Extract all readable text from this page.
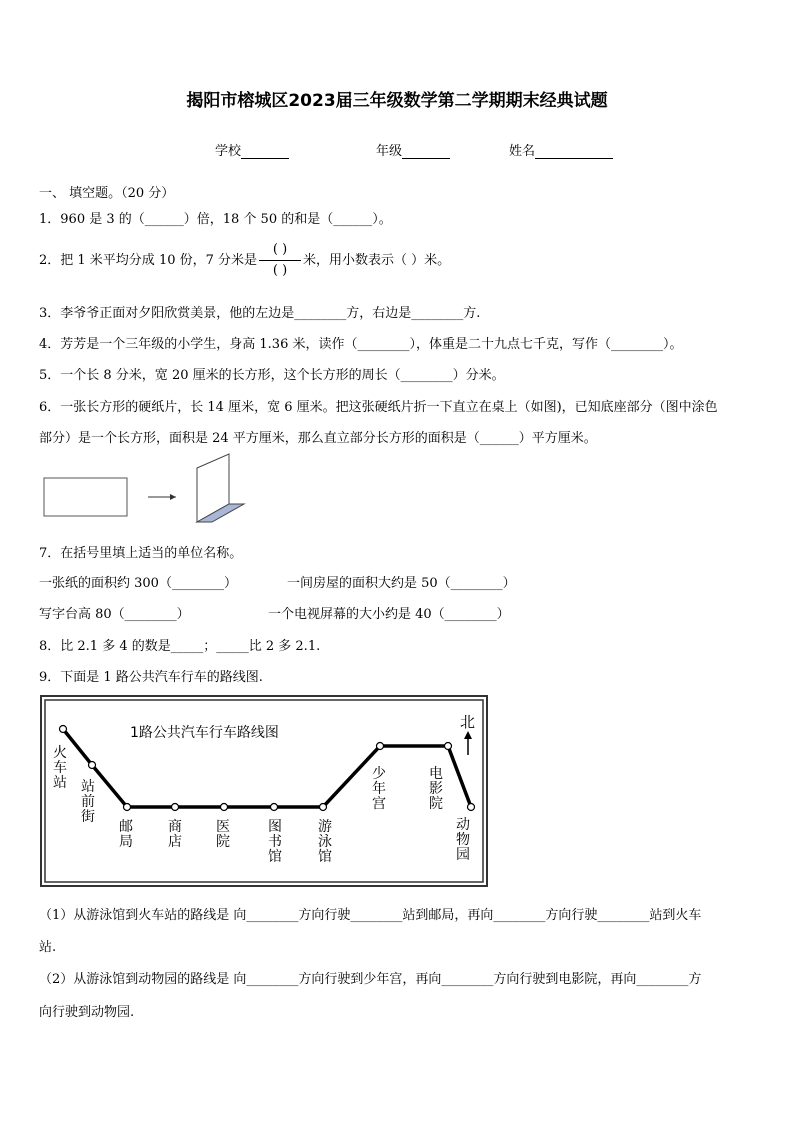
揭阳市榕城区2023届三年级数学第二学期期末经典试题
学校	年级	姓名
一、 填空题。（20 分）
1．960 是 3 的（______）倍，18 个 50 的和是（______）。
2．把 1 米平均分成 10 份，7 分米是 $\frac{( )}{( )}$ 米，用小数表示（ ）米。
3．李爷爷正面对夕阳欣赏美景，他的左边是________方，右边是________方.
4．芳芳是一个三年级的小学生，身高 1.36 米，读作（________），体重是二十九点七千克，写作（________）。
5．一个长 8 分米，宽 20 厘米的长方形，这个长方形的周长（________）分米。
6．一张长方形的硬纸片，长 14 厘米，宽 6 厘米。把这张硬纸片折一下直立在桌上（如图)，已知底座部分（图中涂色
部分）是一个长方形，面积是 24 平方厘米，那么直立部分长方形的面积是（______）平方厘米。
7．在括号里填上适当的单位名称。
一张纸的面积约 300（________）	一间房屋的面积大约是 50（________）
写字台高 80（________）	一个电视屏幕的大小约是 40（________）
8．比 2.1 多 4 的数是_____；_____比 2 多 2.1.
9．下面是 1 路公共汽车行车的路线图.
1路公共汽车行车路线图
北
火车站 站前街
邮局
商店
医院
图书馆
游泳馆
少年宫
电影院
动物园
（1）从游泳馆到火车站的路线是 向________方向行驶________站到邮局，再向________方向行驶________站到火车
站.
（2）从游泳馆到动物园的路线是 向________方向行驶到少年宫，再向________方向行驶到电影院，再向________方
向行驶到动物园.
